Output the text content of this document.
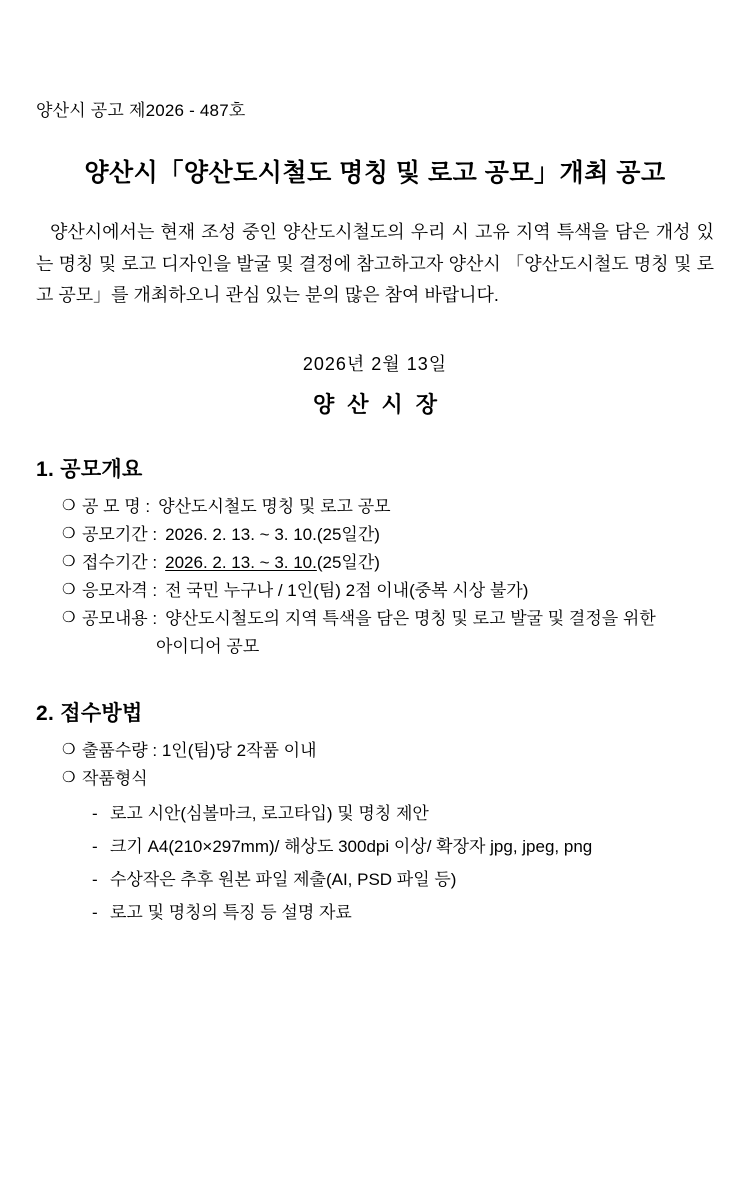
양산시 공고 제2026 - 487호
양산시「양산도시철도 명칭 및 로고 공모」개최 공고
양산시에서는 현재 조성 중인 양산도시철도의 우리 시 고유 지역 특색을 담은 개성 있는 명칭 및 로고 디자인을 발굴 및 결정에 참고하고자 양산시 「양산도시철도 명칭 및 로고 공모」를 개최하오니 관심 있는 분의 많은 참여 바랍니다.
2026년 2월 13일
양산시장
1. 공모개요
❍ 공 모 명 : 양산도시철도 명칭 및 로고 공모
❍ 공모기간 : 2026. 2. 13. ~ 3. 10.(25일간)
❍ 접수기간 : 2026. 2. 13. ~ 3. 10.(25일간)
❍ 응모자격 : 전 국민 누구나 / 1인(팀) 2점 이내(중복 시상 불가)
❍ 공모내용 : 양산도시철도의 지역 특색을 담은 명칭 및 로고 발굴 및 결정을 위한
아이디어 공모
2. 접수방법
❍ 출품수량 : 1인(팀)당 2작품 이내
❍ 작품형식
- 로고 시안(심볼마크, 로고타입) 및 명칭 제안
- 크기 A4(210×297mm)/ 해상도 300dpi 이상/ 확장자 jpg, jpeg, png
- 수상작은 추후 원본 파일 제출(AI, PSD 파일 등)
- 로고 및 명칭의 특징 등 설명 자료
